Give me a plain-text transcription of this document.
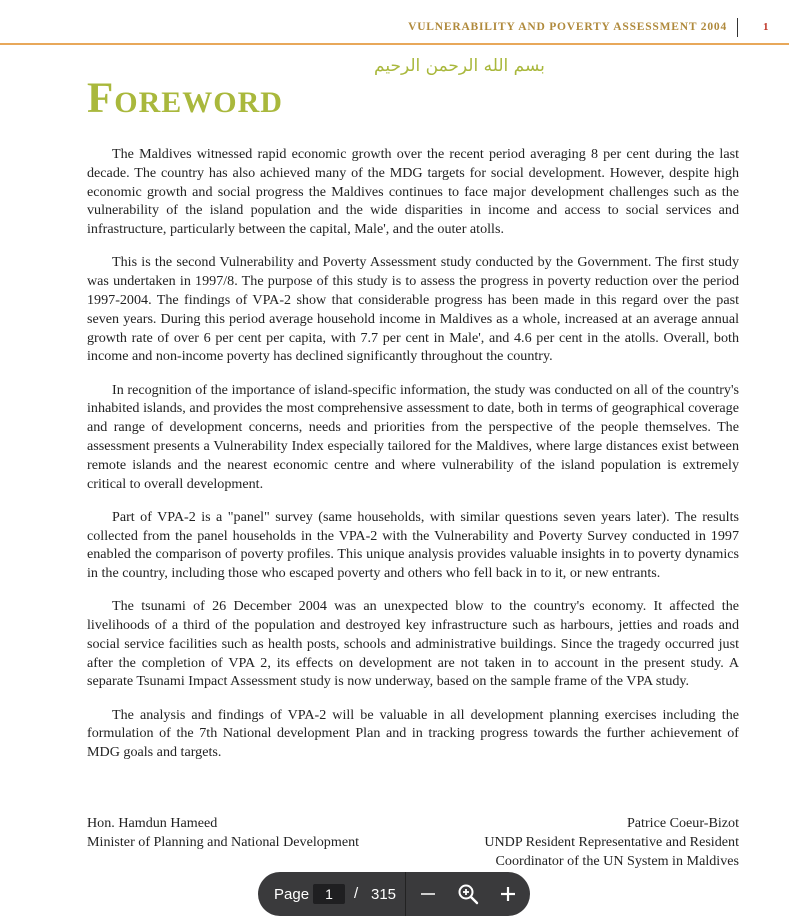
VULNERABILITY AND POVERTY ASSESSMENT 2004	1
بسم الله الرحمن الرحيم
Foreword

The Maldives witnessed rapid economic growth over the recent period averaging 8 per cent during the last decade. The country has also achieved many of the MDG targets for social development. However, despite high economic growth and social progress the Maldives continues to face major development challenges such as the vulnerability of the island population and the wide disparities in income and access to social services and infrastructure, particularly between the capital, Male', and the outer atolls.

This is the second Vulnerability and Poverty Assessment study conducted by the Government. The first study was undertaken in 1997/8. The purpose of this study is to assess the progress in poverty reduction over the period 1997-2004. The findings of VPA-2 show that considerable progress has been made in this regard over the past seven years. During this period average household income in Maldives as a whole, increased at an average annual growth rate of over 6 per cent per capita, with 7.7 per cent in Male', and 4.6 per cent in the atolls. Overall, both income and non-income poverty has declined significantly throughout the country.

In recognition of the importance of island-specific information, the study was conducted on all of the country's inhabited islands, and provides the most comprehensive assessment to date, both in terms of geographical coverage and range of development concerns, needs and priorities from the perspective of the people themselves. The assessment presents a Vulnerability Index especially tailored for the Maldives, where large distances exist between remote islands and the nearest economic centre and where vulnerability of the island population is extremely critical to overall development.

Part of VPA-2 is a "panel" survey (same households, with similar questions seven years later). The results collected from the panel households in the VPA-2 with the Vulnerability and Poverty Survey conducted in 1997 enabled the comparison of poverty profiles. This unique analysis provides valuable insights in to poverty dynamics in the country, including those who escaped poverty and others who fell back in to it, or new entrants.

The tsunami of 26 December 2004 was an unexpected blow to the country's economy. It affected the livelihoods of a third of the population and destroyed key infrastructure such as harbours, jetties and roads and social service facilities such as health posts, schools and administrative buildings. Since the tragedy occurred just after the completion of VPA 2, its effects on development are not taken in to account in the present study. A separate Tsunami Impact Assessment study is now underway, based on the sample frame of the VPA study.

The analysis and findings of VPA-2 will be valuable in all development planning exercises including the formulation of the 7th National development Plan and in tracking progress towards the further achievement of MDG goals and targets.

Hon. Hamdun Hameed
Minister of Planning and National Development
Patrice Coeur-Bizot
UNDP Resident Representative and Resident
Coordinator of the UN System in Maldives
Page	1	/ 315
